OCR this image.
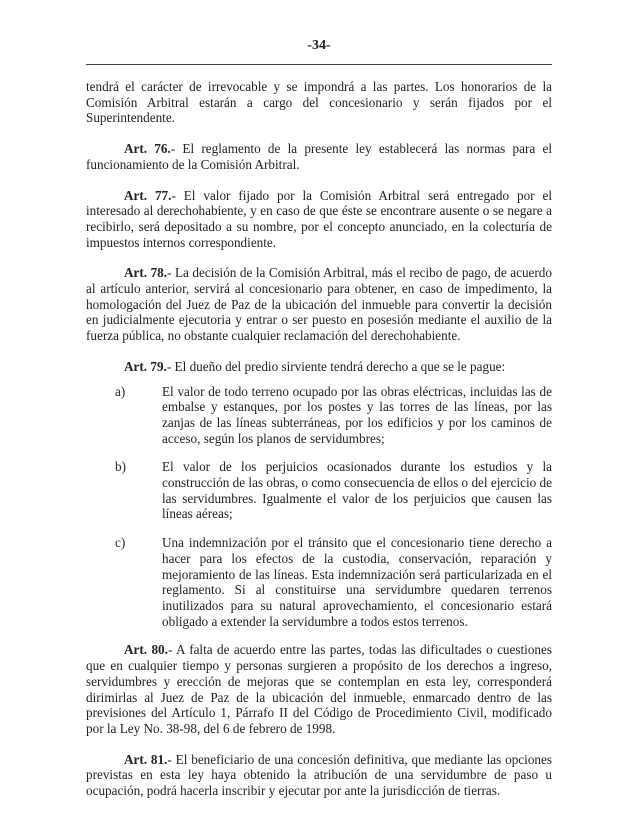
-34-

tendrá el carácter de irrevocable y se impondrá a las partes. Los honorarios de la Comisión Arbitral estarán a cargo del concesionario y serán fijados por el Superintendente.

Art. 76.- El reglamento de la presente ley establecerá las normas para el funcionamiento de la Comisión Arbitral.

Art. 77.- El valor fijado por la Comisión Arbitral será entregado por el interesado al derechohabiente, y en caso de que éste se encontrare ausente o se negare a recibirlo, será depositado a su nombre, por el concepto anunciado, en la colecturía de impuestos internos correspondiente.

Art. 78.- La decisión de la Comisión Arbitral, más el recibo de pago, de acuerdo al artículo anterior, servirá al concesionario para obtener, en caso de impedimento, la homologación del Juez de Paz de la ubicación del inmueble para convertir la decisión en judicialmente ejecutoria y entrar o ser puesto en posesión mediante el auxilio de la fuerza pública, no obstante cualquier reclamación del derechohabiente.

Art. 79.- El dueño del predio sirviente tendrá derecho a que se le pague:

a)	El valor de todo terreno ocupado por las obras eléctricas, incluidas las de embalse y estanques, por los postes y las torres de las líneas, por las zanjas de las líneas subterráneas, por los edificios y por los caminos de acceso, según los planos de servidumbres;
b)	El valor de los perjuicios ocasionados durante los estudios y la construcción de las obras, o como consecuencia de ellos o del ejercicio de las servidumbres. Igualmente el valor de los perjuicios que causen las líneas aéreas;
c)	Una indemnización por el tránsito que el concesionario tiene derecho a hacer para los efectos de la custodia, conservación, reparación y mejoramiento de las líneas. Esta indemnización será particularizada en el reglamento. Si al constituirse una servidumbre quedaren terrenos inutilizados para su natural aprovechamiento, el concesionario estará obligado a extender la servidumbre a todos estos terrenos.

Art. 80.- A falta de acuerdo entre las partes, todas las dificultades o cuestiones que en cualquier tiempo y personas surgieren a propósito de los derechos a ingreso, servidumbres y erección de mejoras que se contemplan en esta ley, corresponderá dirimirlas al Juez de Paz de la ubicación del inmueble, enmarcado dentro de las previsiones del Artículo 1, Párrafo II del Código de Procedimiento Civil, modificado por la Ley No. 38-98, del 6 de febrero de 1998.

Art. 81.- El beneficiario de una concesión definitiva, que mediante las opciones previstas en esta ley haya obtenido la atribución de una servidumbre de paso u ocupación, podrá hacerla inscribir y ejecutar por ante la jurisdicción de tierras.
